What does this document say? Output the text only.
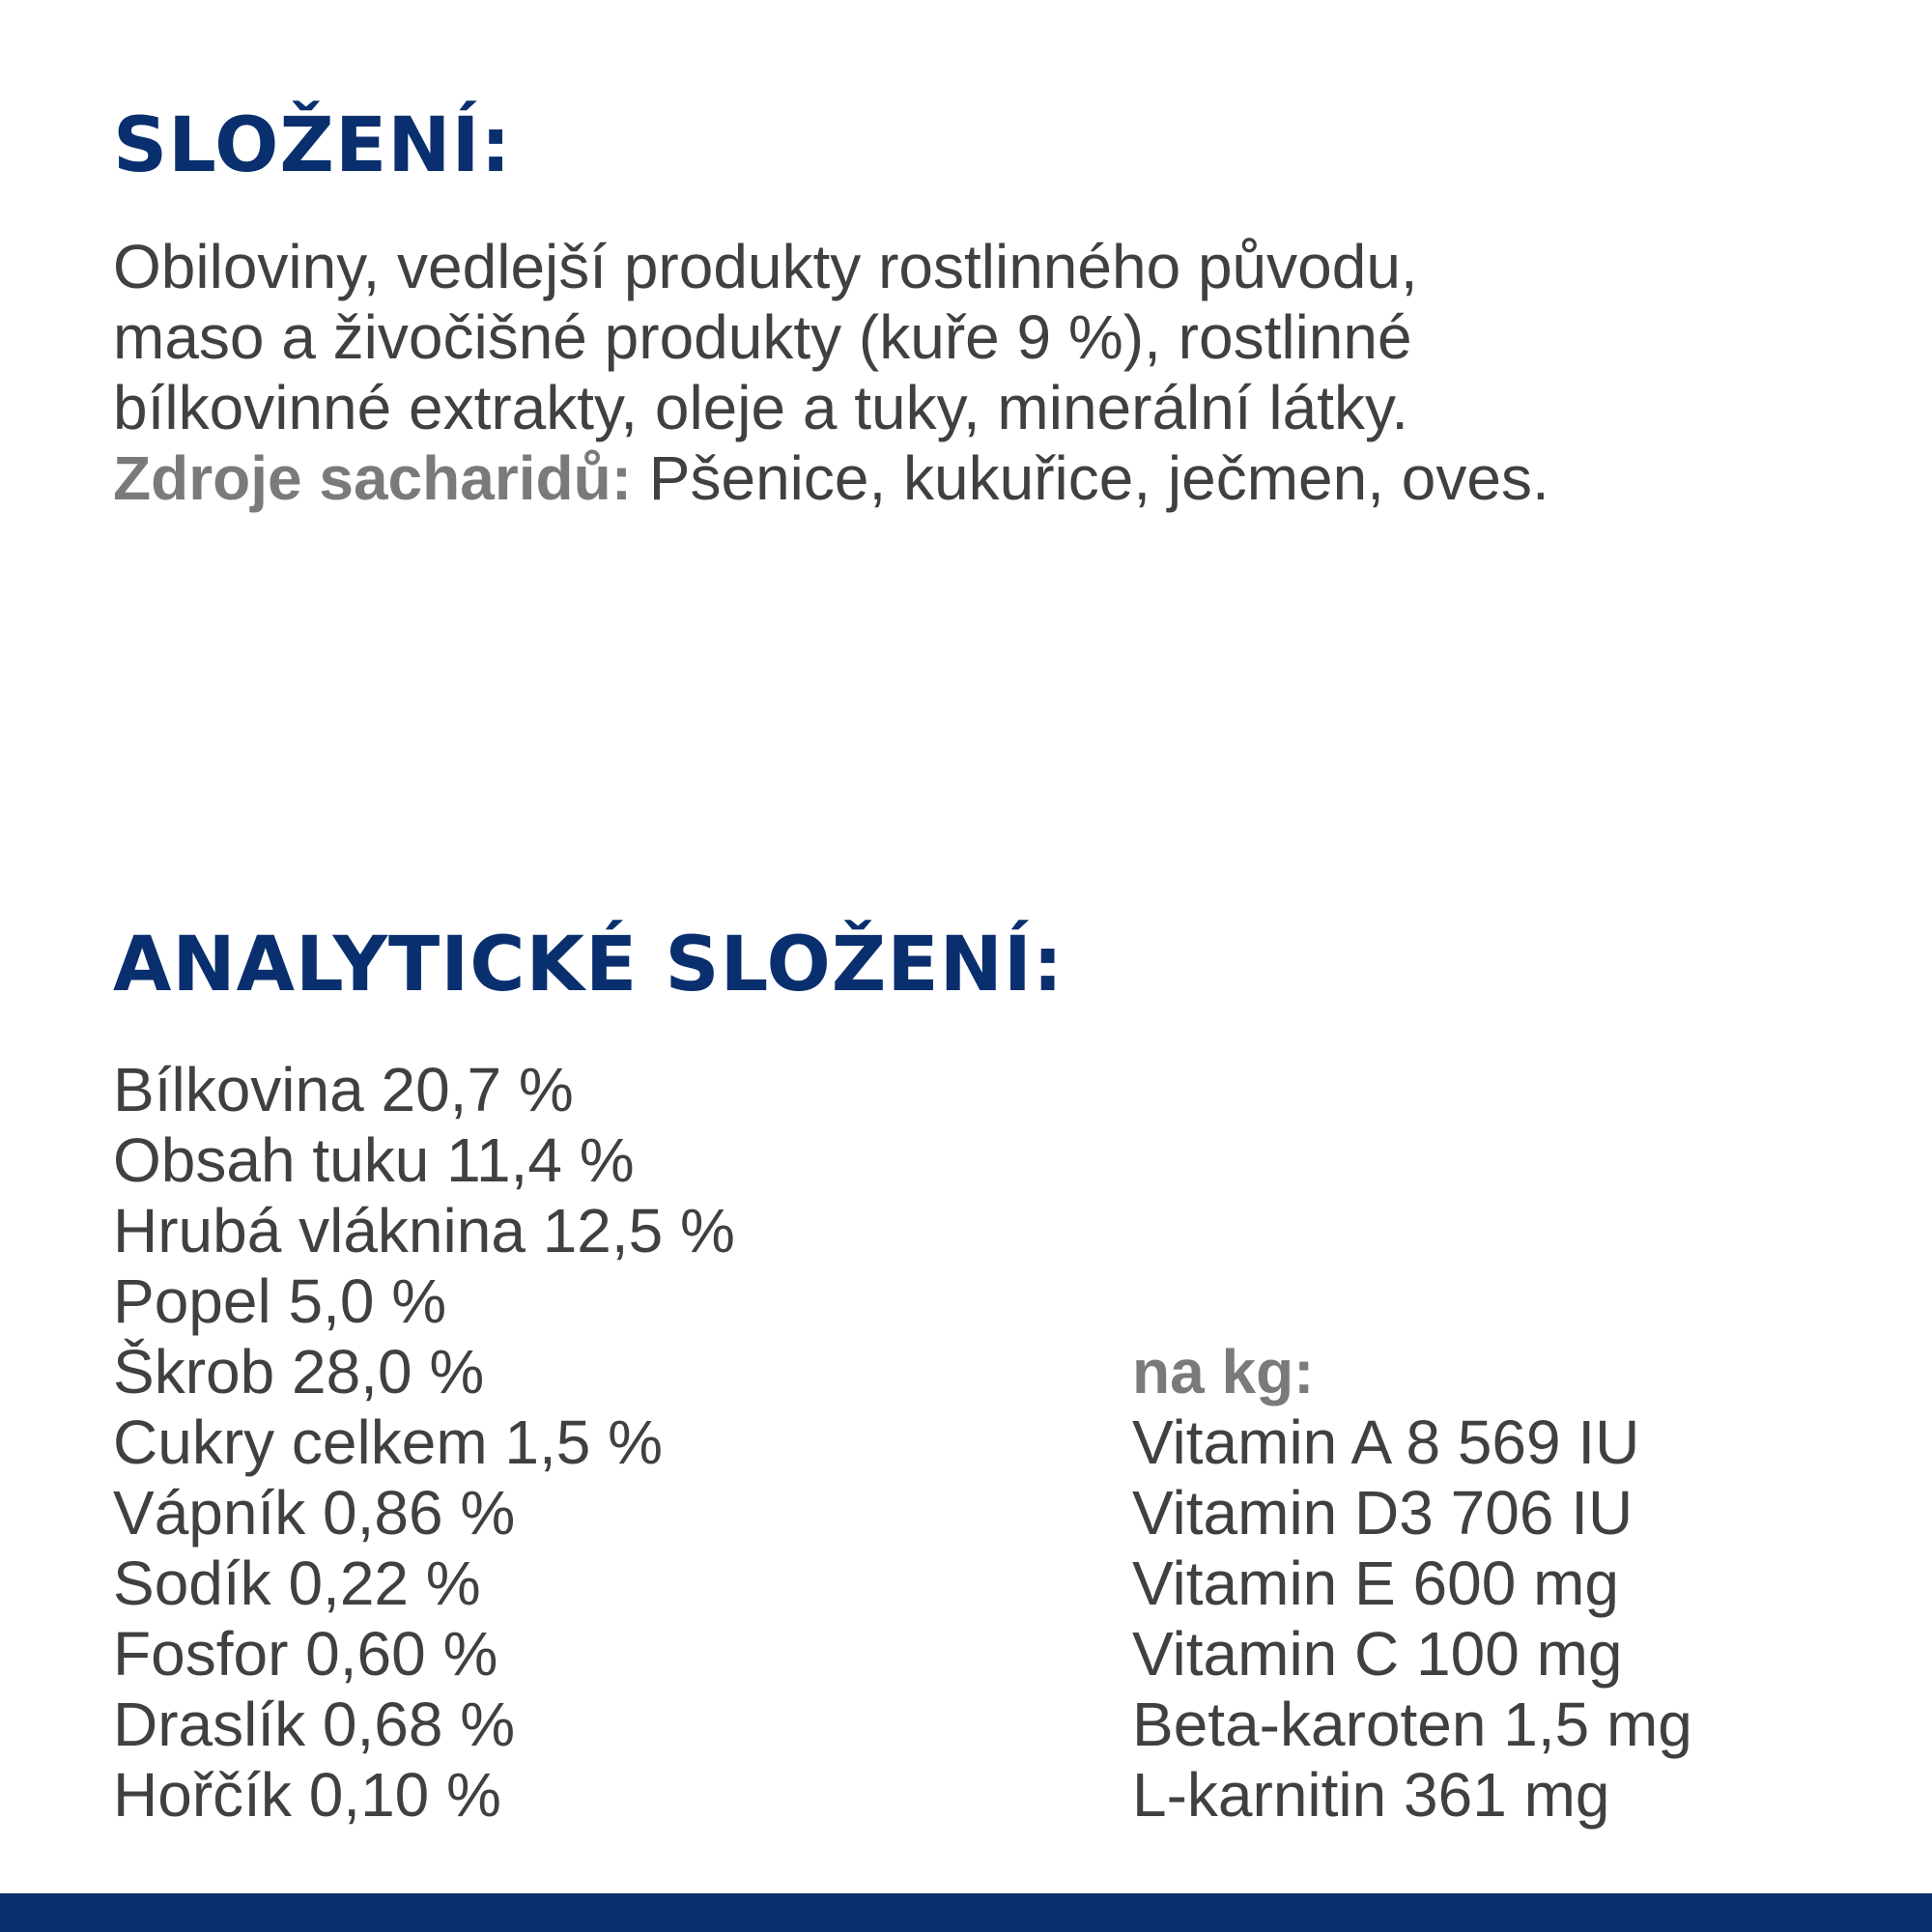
SLOŽENÍ:
Obiloviny, vedlejší produkty rostlinného původu,
maso a živočišné produkty (kuře 9 %), rostlinné
bílkovinné extrakty, oleje a tuky, minerální látky.
Zdroje sacharidů: Pšenice, kukuřice, ječmen, oves.
ANALYTICKÉ SLOŽENÍ:
Bílkovina 20,7 %
Obsah tuku 11,4 %
Hrubá vláknina 12,5 %
Popel 5,0 %
Škrob 28,0 %
Cukry celkem 1,5 %
Vápník 0,86 %
Sodík 0,22 %
Fosfor 0,60 %
Draslík 0,68 %
Hořčík 0,10 %
na kg:
Vitamin A 8 569 IU
Vitamin D3 706 IU
Vitamin E 600 mg
Vitamin C 100 mg
Beta-karoten 1,5 mg
L-karnitin 361 mg
